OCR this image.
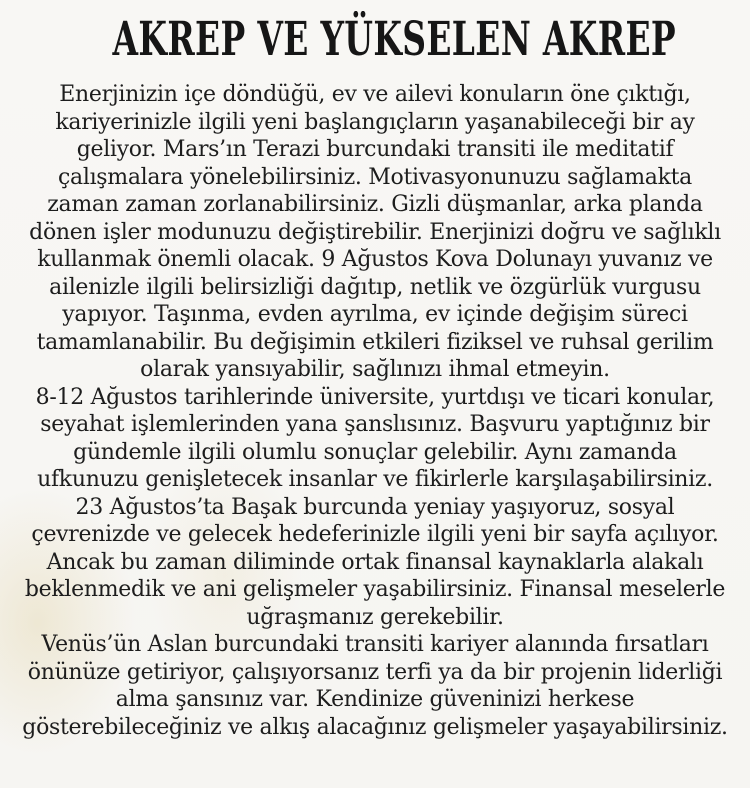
AKREP VE YÜKSELEN AKREP
Enerjinizin içe döndüğü, ev ve ailevi konuların öne çıktığı,
kariyerinizle ilgili yeni başlangıçların yaşanabileceği bir ay
geliyor. Mars’ın Terazi burcundaki transiti ile meditatif
çalışmalara yönelebilirsiniz. Motivasyonunuzu sağlamakta
zaman zaman zorlanabilirsiniz. Gizli düşmanlar, arka planda
dönen işler modunuzu değiştirebilir. Enerjinizi doğru ve sağlıklı
kullanmak önemli olacak. 9 Ağustos Kova Dolunayı yuvanız ve
ailenizle ilgili belirsizliği dağıtıp, netlik ve özgürlük vurgusu
yapıyor. Taşınma, evden ayrılma, ev içinde değişim süreci
tamamlanabilir. Bu değişimin etkileri fiziksel ve ruhsal gerilim
olarak yansıyabilir, sağlınızı ihmal etmeyin.
8-12 Ağustos tarihlerinde üniversite, yurtdışı ve ticari konular,
seyahat işlemlerinden yana şanslısınız. Başvuru yaptığınız bir
gündemle ilgili olumlu sonuçlar gelebilir. Aynı zamanda
ufkunuzu genişletecek insanlar ve fikirlerle karşılaşabilirsiniz.
23 Ağustos’ta Başak burcunda yeniay yaşıyoruz, sosyal
çevrenizde ve gelecek hedeferinizle ilgili yeni bir sayfa açılıyor.
Ancak bu zaman diliminde ortak finansal kaynaklarla alakalı
beklenmedik ve ani gelişmeler yaşabilirsiniz. Finansal meselerle
uğraşmanız gerekebilir.
Venüs’ün Aslan burcundaki transiti kariyer alanında fırsatları
önünüze getiriyor, çalışıyorsanız terfi ya da bir projenin liderliği
alma şansınız var. Kendinize güveninizi herkese
gösterebileceğiniz ve alkış alacağınız gelişmeler yaşayabilirsiniz.
